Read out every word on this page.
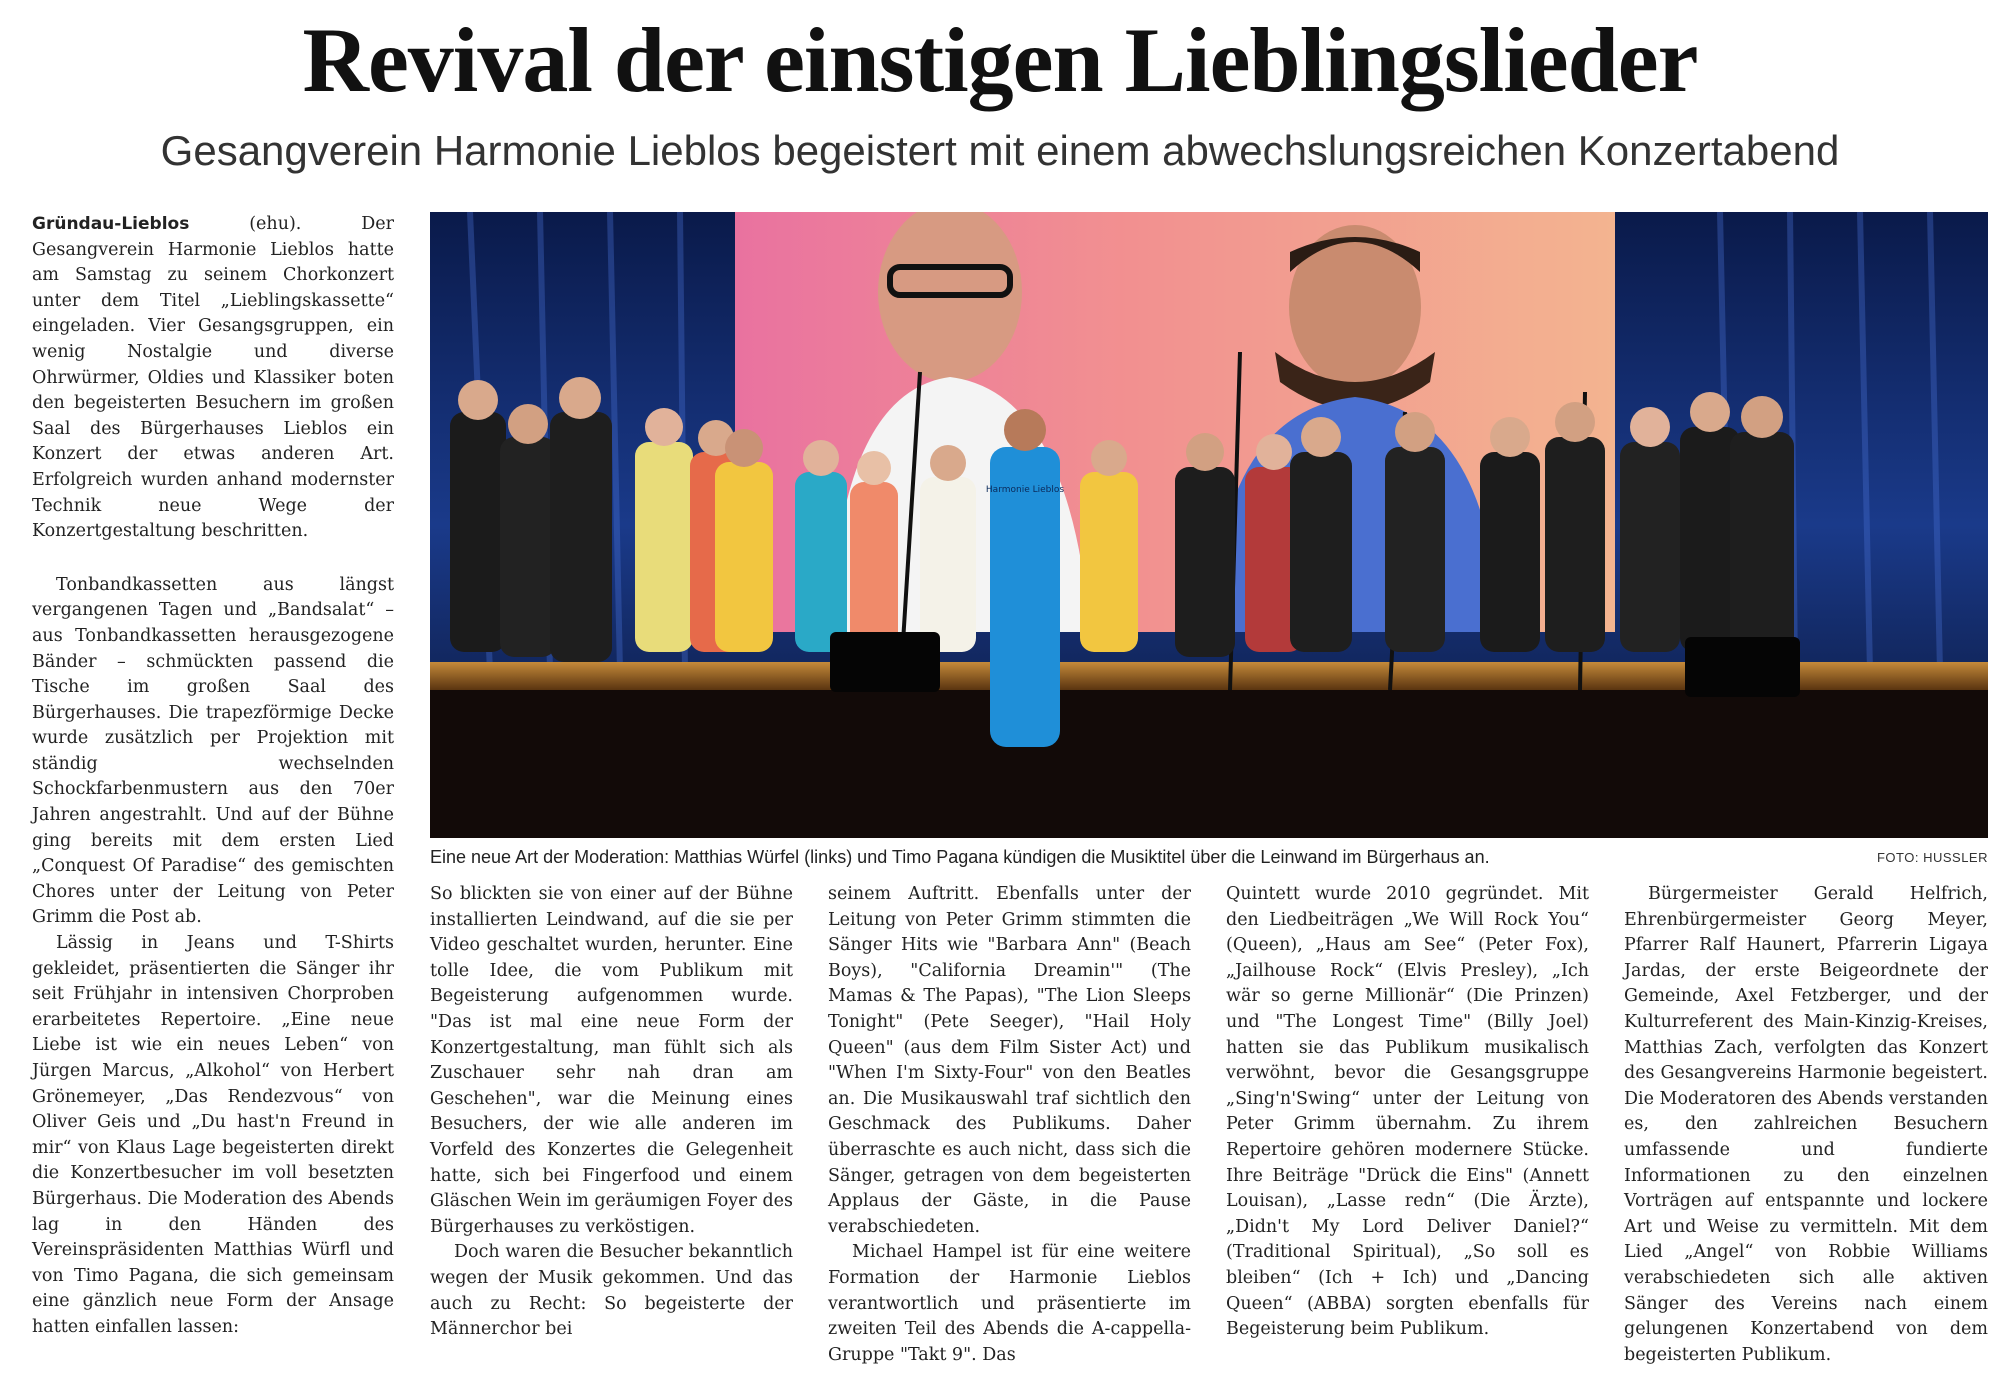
Revival der einstigen Lieblingslieder
Gesangverein Harmonie Lieblos begeistert mit einem abwechslungsreichen Konzertabend

Gründau-Lieblos	(ehu). Der Gesangverein Harmonie Lieblos hatte am Samstag zu seinem Chorkonzert unter dem Titel „Lieblingskassette“ eingeladen. Vier Gesangsgruppen, ein wenig Nostalgie und diverse Ohrwürmer, Oldies und Klassiker boten den begeisterten Besuchern im großen Saal des Bürgerhauses Lieblos ein Konzert der etwas anderen Art. Erfolgreich wurden anhand modernster Technik neue Wege der Konzertgestaltung beschritten.

Tonbandkassetten aus längst vergangenen Tagen und „Bandsalat“ – aus Tonbandkassetten herausgezogene Bänder – schmückten passend die Tische im großen Saal des Bürgerhauses. Die trapezförmige Decke wurde zusätzlich per Projektion mit ständig wechselnden Schockfarbenmustern aus den 70er Jahren angestrahlt. Und auf der Bühne ging bereits mit dem ersten Lied „Conquest Of Paradise“ des gemischten Chores unter der Leitung von Peter Grimm die Post ab.

Lässig in Jeans und T-Shirts gekleidet, präsentierten die Sänger ihr seit Frühjahr in intensiven Chorproben erarbeitetes Repertoire. „Eine neue Liebe ist wie ein neues Leben“ von Jürgen Marcus, „Alkohol“ von Herbert Grönemeyer, „Das Rendezvous“ von Oliver Geis und „Du hast'n Freund in mir“ von Klaus Lage begeisterten direkt die Konzertbesucher im voll besetzten Bürgerhaus. Die Moderation des Abends lag in den Händen des Vereinspräsidenten Matthias Würfl und von Timo Pagana, die sich gemeinsam eine gänzlich neue Form der Ansage hatten einfallen lassen:

Harmonie Lieblos
Eine neue Art der Moderation: Matthias Würfel (links) und Timo Pagana kündigen die Musiktitel über die Leinwand im Bürgerhaus an.	FOTO: HUSSLER

So blickten sie von einer auf der Bühne installierten Leindwand, auf die sie per Video geschaltet wurden, herunter. Eine tolle Idee, die vom Publikum mit Begeisterung aufgenommen wurde. "Das ist mal eine neue Form der Konzertgestaltung, man fühlt sich als Zuschauer sehr nah dran am Geschehen", war die Meinung eines Besuchers, der wie alle anderen im Vorfeld des Konzertes die Gelegenheit hatte, sich bei Fingerfood und einem Gläschen Wein im geräumigen Foyer des Bürgerhauses zu verköstigen.

Doch waren die Besucher bekanntlich wegen der Musik gekommen. Und das auch zu Recht: So begeisterte der Männerchor bei

seinem Auftritt. Ebenfalls unter der Leitung von Peter Grimm stimmten die Sänger Hits wie "Barbara Ann" (Beach Boys), "California Dreamin'" (The Mamas & The Papas), "The Lion Sleeps Tonight" (Pete Seeger), "Hail Holy Queen" (aus dem Film Sister Act) und "When I'm Sixty-Four" von den Beatles an. Die Musikauswahl traf sichtlich den Geschmack des Publikums. Daher überraschte es auch nicht, dass sich die Sänger, getragen von dem begeisterten Applaus der Gäste, in die Pause verabschiedeten.

Michael Hampel ist für eine weitere Formation der Harmonie Lieblos verantwortlich und präsentierte im zweiten Teil des Abends die A-cappella-Gruppe "Takt 9". Das

Quintett wurde 2010 gegründet. Mit den Liedbeiträgen „We Will Rock You“ (Queen), „Haus am See“ (Peter Fox), „Jailhouse Rock“ (Elvis Presley), „Ich wär so gerne Millionär“ (Die Prinzen) und "The Longest Time" (Billy Joel) hatten sie das Publikum musikalisch verwöhnt, bevor die Gesangsgruppe „Sing'n'Swing“ unter der Leitung von Peter Grimm übernahm. Zu ihrem Repertoire gehören modernere Stücke. Ihre Beiträge "Drück die Eins" (Annett Louisan), „Lasse redn“ (Die Ärzte), „Didn't My Lord Deliver Daniel?“ (Traditional Spiritual), „So soll es bleiben“ (Ich + Ich) und „Dancing Queen“ (ABBA) sorgten ebenfalls für Begeisterung beim Publikum.

Bürgermeister Gerald Helfrich, Ehrenbürgermeister Georg Meyer, Pfarrer Ralf Haunert, Pfarrerin Ligaya Jardas, der erste Beigeordnete der Gemeinde, Axel Fetzberger, und der Kulturreferent des Main-Kinzig-Kreises, Matthias Zach, verfolgten das Konzert des Gesangvereins Harmonie begeistert. Die Moderatoren des Abends verstanden es, den zahlreichen Besuchern umfassende und fundierte Informationen zu den einzelnen Vorträgen auf entspannte und lockere Art und Weise zu vermitteln. Mit dem Lied „Angel“ von Robbie Williams verabschiedeten sich alle aktiven Sänger des Vereins nach einem gelungenen Konzertabend von dem begeisterten Publikum.
